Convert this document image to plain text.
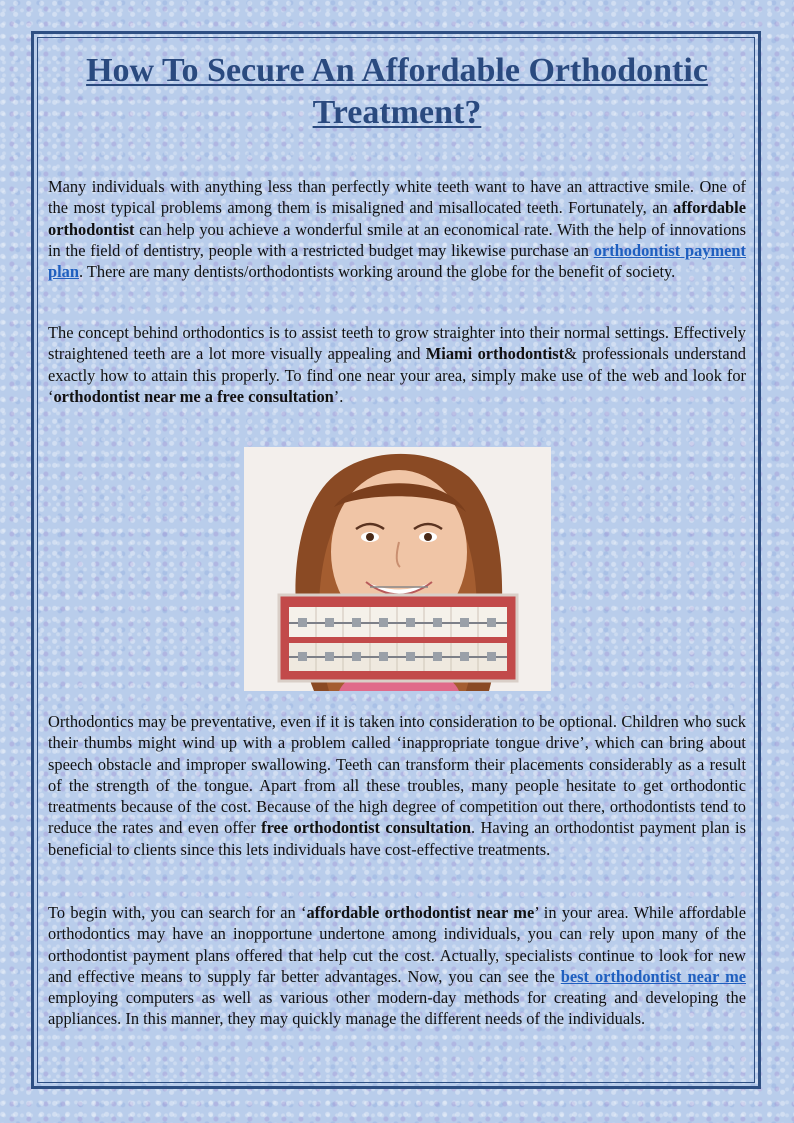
How To Secure An Affordable Orthodontic Treatment?

Many individuals with anything less than perfectly white teeth want to have an attractive smile. One of the most typical problems among them is misaligned and misallocated teeth. Fortunately, an affordable orthodontist can help you achieve a wonderful smile at an economical rate. With the help of innovations in the field of dentistry, people with a restricted budget may likewise purchase an orthodontist payment plan. There are many dentists/orthodontists working around the globe for the benefit of society.

The concept behind orthodontics is to assist teeth to grow straighter into their normal settings. Effectively straightened teeth are a lot more visually appealing and Miami orthodontist& professionals understand exactly how to attain this properly. To find one near your area, simply make use of the web and look for ‘orthodontist near me a free consultation’.

Orthodontics may be preventative, even if it is taken into consideration to be optional. Children who suck their thumbs might wind up with a problem called ‘inappropriate tongue drive’, which can bring about speech obstacle and improper swallowing. Teeth can transform their placements considerably as a result of the strength of the tongue. Apart from all these troubles, many people hesitate to get orthodontic treatments because of the cost. Because of the high degree of competition out there, orthodontists tend to reduce the rates and even offer free orthodontist consultation. Having an orthodontist payment plan is beneficial to clients since this lets individuals have cost-effective treatments.

To begin with, you can search for an ‘affordable orthodontist near me’ in your area. While affordable orthodontics may have an inopportune undertone among individuals, you can rely upon many of the orthodontist payment plans offered that help cut the cost. Actually, specialists continue to look for new and effective means to supply far better advantages. Now, you can see the best orthodontist near me employing computers as well as various other modern-day methods for creating and developing the appliances. In this manner, they may quickly manage the different needs of the individuals.
